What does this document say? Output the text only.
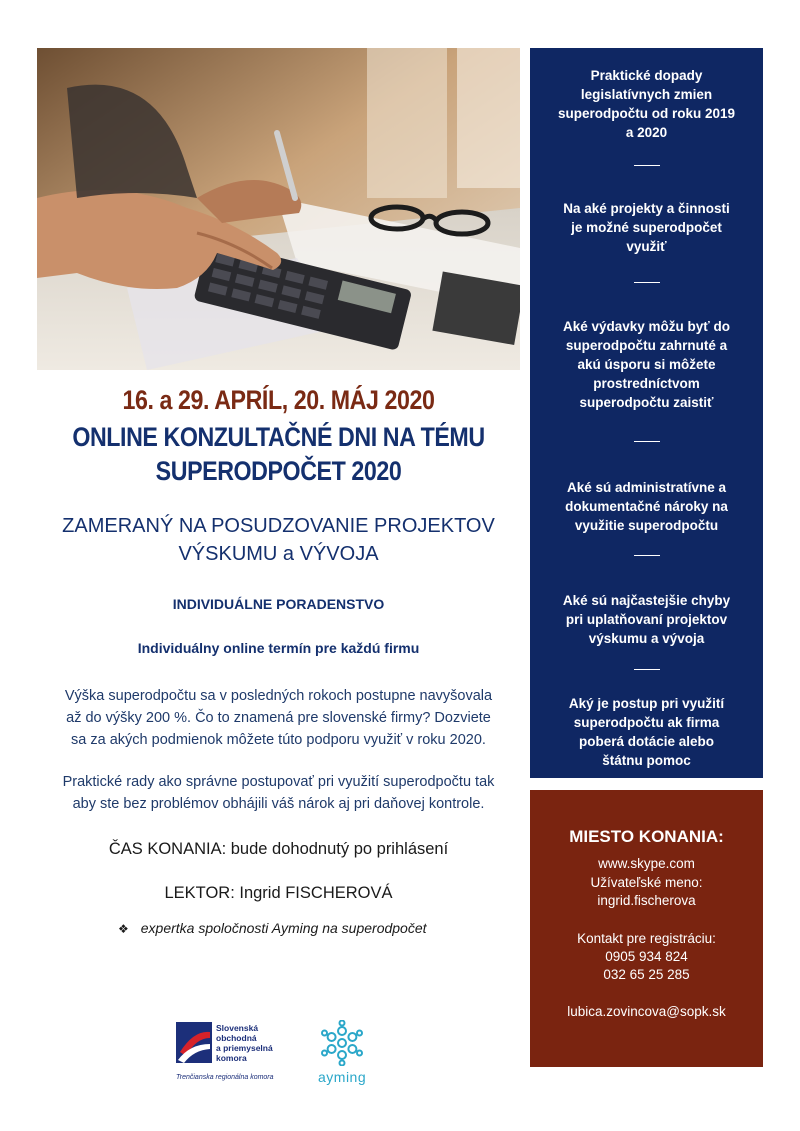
16. a 29. APRÍL, 20. MÁJ 2020
ONLINE KONZULTAČNÉ DNI NA TÉMU
SUPERODPOČET 2020
ZAMERANÝ NA POSUDZOVANIE PROJEKTOV
VÝSKUMU a VÝVOJA
INDIVIDUÁLNE PORADENSTVO
Individuálny online termín pre každú firmu
Výška superodpočtu sa v posledných rokoch postupne navyšovala
až do výšky 200 %. Čo to znamená pre slovenské firmy? Dozviete
sa za akých podmienok môžete túto podporu využiť v roku 2020.
Praktické rady ako správne postupovať pri využití superodpočtu tak
aby ste bez problémov obhájili váš nárok aj pri daňovej kontrole.
ČAS KONANIA: bude dohodnutý po prihlásení
LEKTOR: Ingrid FISCHEROVÁ
❖ expertka spoločnosti Ayming na superodpočet
Praktické dopady
legislatívnych zmien
superodpočtu od roku 2019
a 2020
Na aké projekty a činnosti
je možné superodpočet
využiť
Aké výdavky môžu byť do
superodpočtu zahrnuté a
akú úsporu si môžete
prostredníctvom
superodpočtu zaistiť
Aké sú administratívne a
dokumentačné nároky na
využitie superodpočtu
Aké sú najčastejšie chyby
pri uplatňovaní projektov
výskumu a vývoja
Aký je postup pri využití
superodpočtu ak firma
poberá dotácie alebo
štátnu pomoc
MIESTO KONANIA:
www.skype.com
Užívateľské meno:
ingrid.fischerova
Kontakt pre registráciu:
0905 934 824
032 65 25 285
lubica.zovincova@sopk.sk
Slovenská
obchodná
a priemyselná
komora
Trenčianska regionálna komora	ayming
